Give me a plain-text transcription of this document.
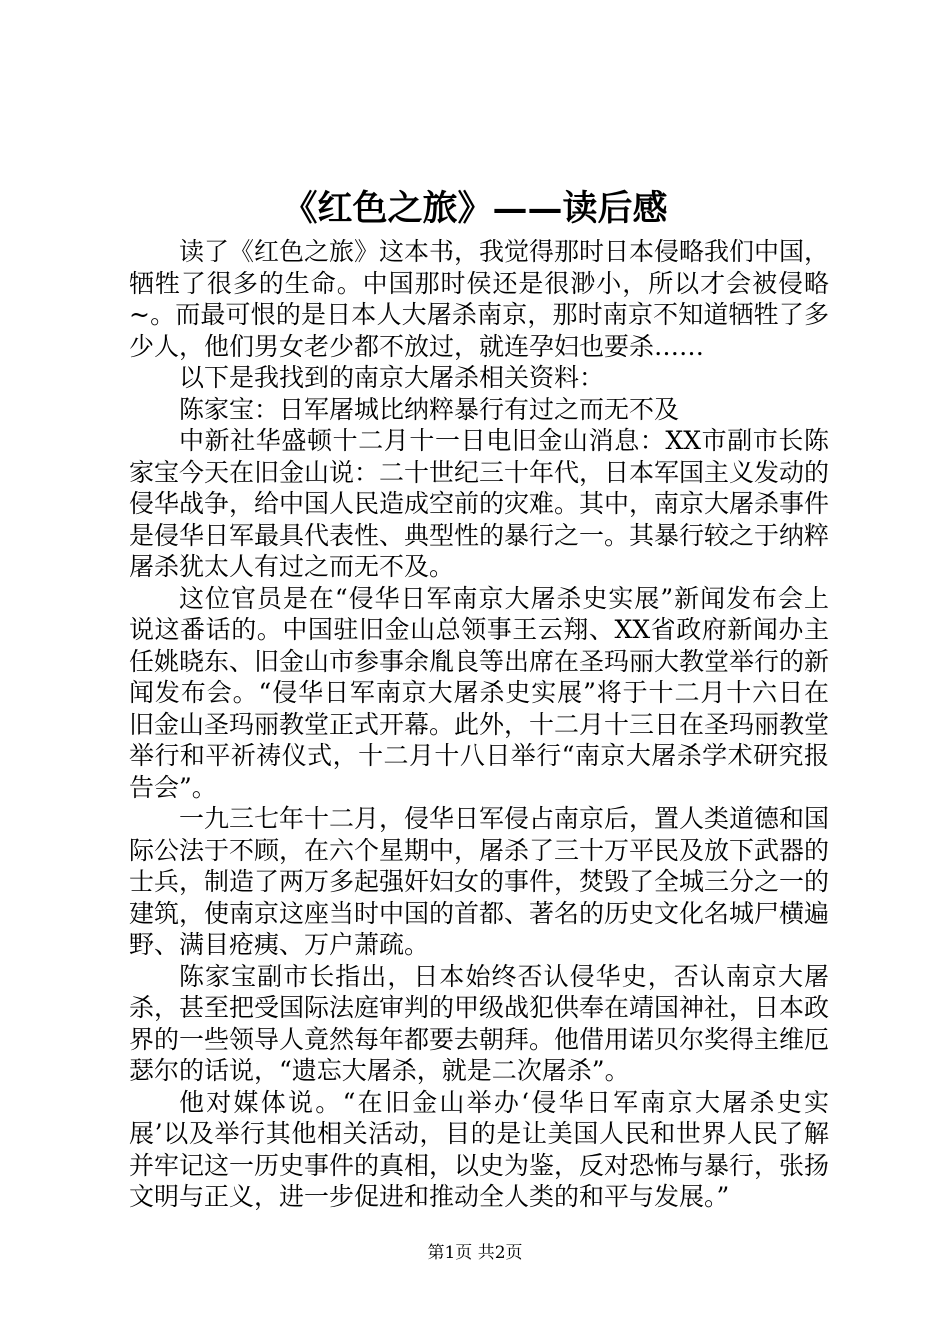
《红色之旅》——读后感

读了《红色之旅》这本书，我觉得那时日本侵略我们中国，牺牲了很多的生命。中国那时侯还是很渺小，所以才会被侵略~。而最可恨的是日本人大屠杀南京，那时南京不知道牺牲了多少人，他们男女老少都不放过，就连孕妇也要杀……

以下是我找到的南京大屠杀相关资料：

陈家宝：日军屠城比纳粹暴行有过之而无不及

中新社华盛顿十二月十一日电旧金山消息：XX市副市长陈家宝今天在旧金山说：二十世纪三十年代，日本军国主义发动的侵华战争，给中国人民造成空前的灾难。其中，南京大屠杀事件是侵华日军最具代表性、典型性的暴行之一。其暴行较之于纳粹屠杀犹太人有过之而无不及。

这位官员是在“侵华日军南京大屠杀史实展”新闻发布会上说这番话的。中国驻旧金山总领事王云翔、XX省政府新闻办主任姚晓东、旧金山市参事余胤良等出席在圣玛丽大教堂举行的新闻发布会。“侵华日军南京大屠杀史实展”将于十二月十六日在旧金山圣玛丽教堂正式开幕。此外，十二月十三日在圣玛丽教堂举行和平祈祷仪式，十二月十八日举行“南京大屠杀学术研究报告会”。

一九三七年十二月，侵华日军侵占南京后，置人类道德和国际公法于不顾，在六个星期中，屠杀了三十万平民及放下武器的士兵，制造了两万多起强奸妇女的事件，焚毁了全城三分之一的建筑，使南京这座当时中国的首都、著名的历史文化名城尸横遍野、满目疮痍、万户萧疏。

陈家宝副市长指出，日本始终否认侵华史，否认南京大屠杀，甚至把受国际法庭审判的甲级战犯供奉在靖国神社，日本政界的一些领导人竟然每年都要去朝拜。他借用诺贝尔奖得主维厄瑟尔的话说，“遗忘大屠杀，就是二次屠杀”。

他对媒体说。“在旧金山举办‘侵华日军南京大屠杀史实展’以及举行其他相关活动，目的是让美国人民和世界人民了解并牢记这一历史事件的真相，以史为鉴，反对恐怖与暴行，张扬文明与正义，进一步促进和推动全人类的和平与发展。”

第1页 共2页
